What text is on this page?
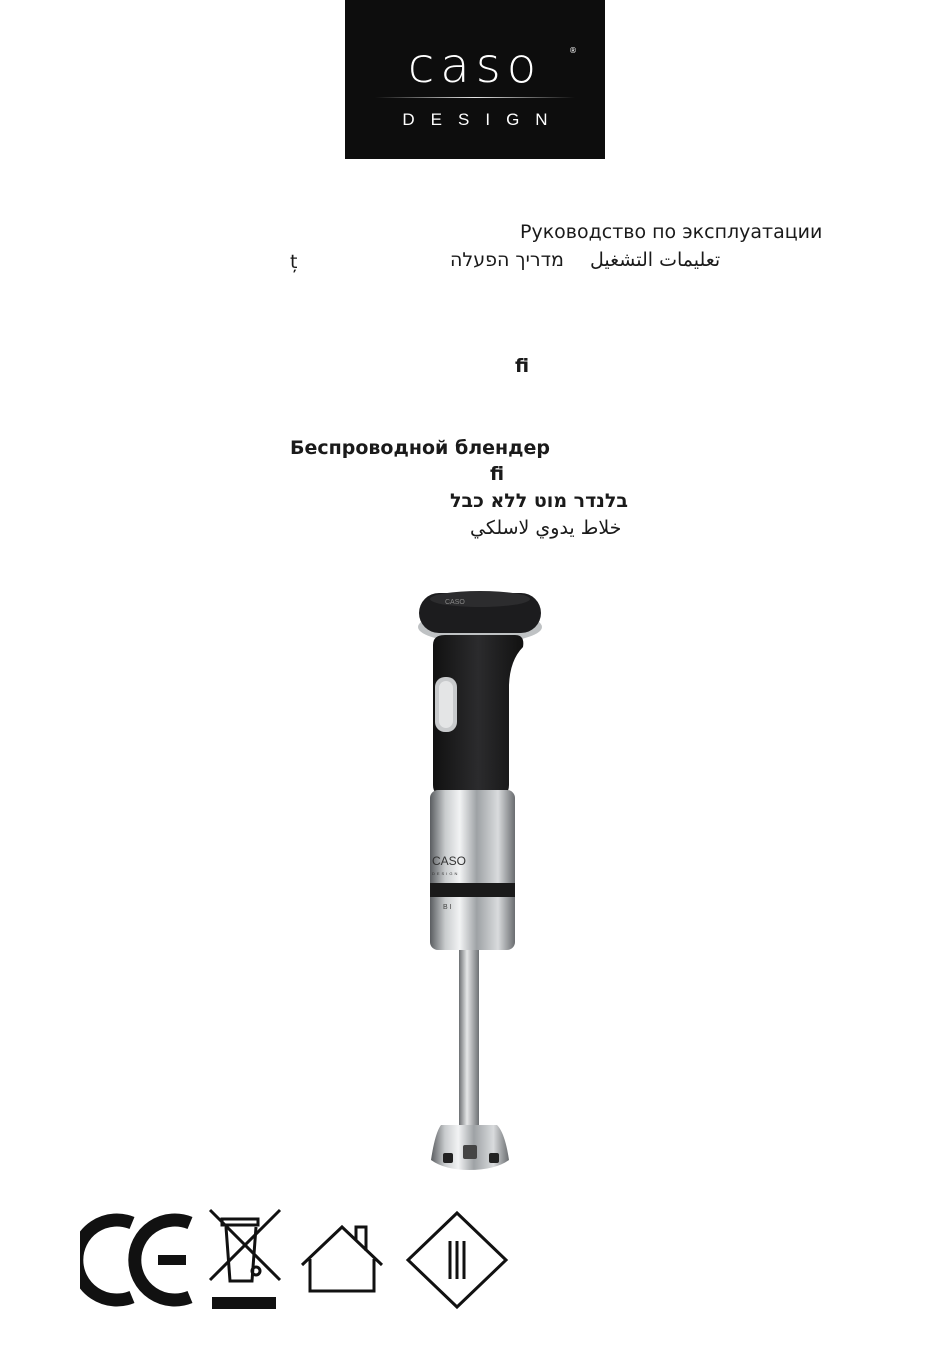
caso	®
DESIGN
Руководство по эксплуатации
تعليمات التشغيل
מדריך הפעלה
ț
ﬁ
Беспроводной блендер
ﬁ
בלנדר מוט ללא כבל
خلاط يدوي لاسلكي
CASO
CASO
DESIGN
B I
